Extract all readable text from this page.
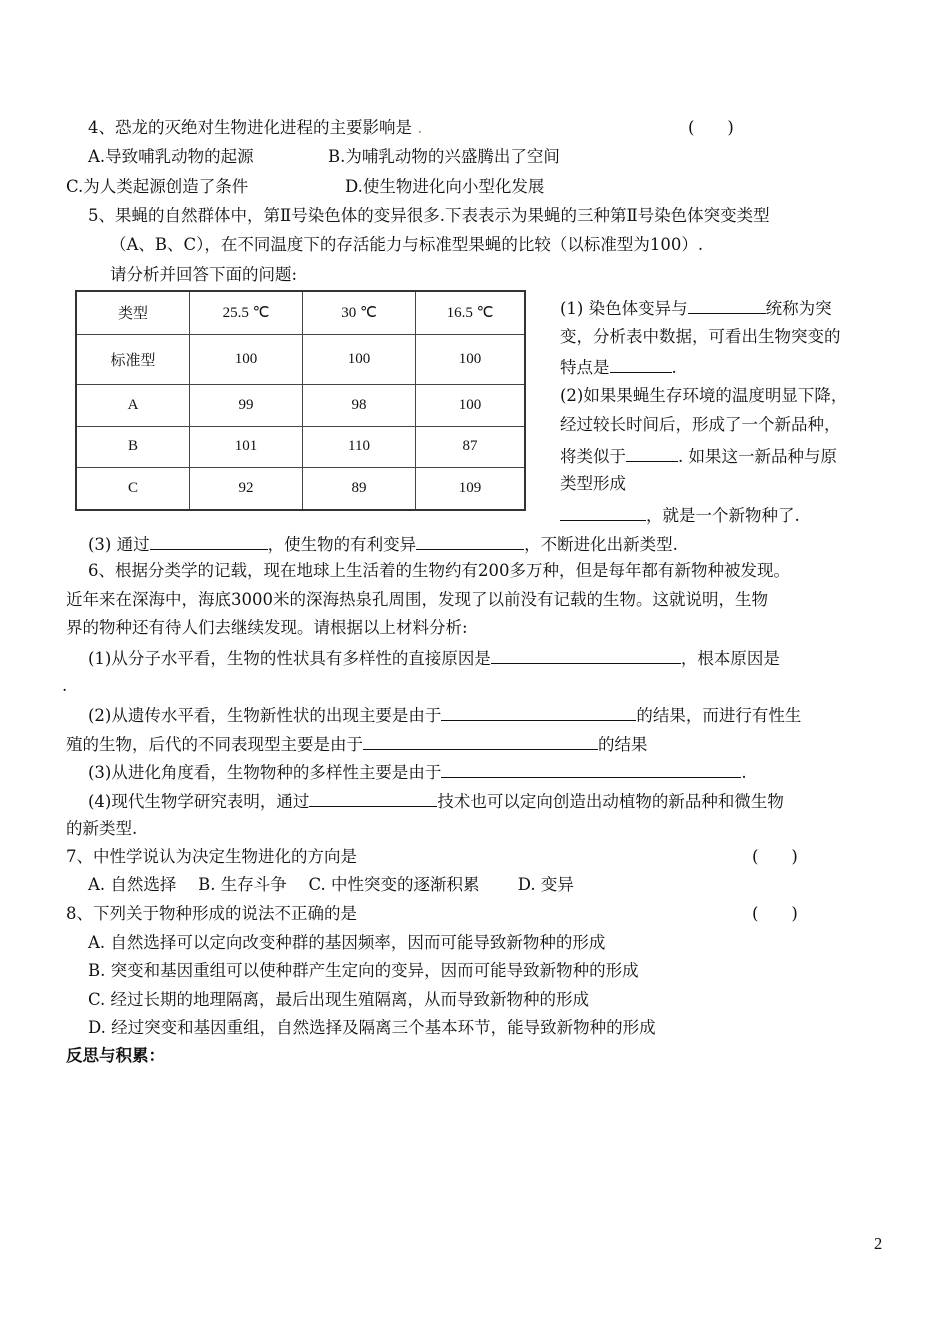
4、恐龙的灭绝对生物进化进程的主要影响是 .	(　　)
A.导致哺乳动物的起源	B.为哺乳动物的兴盛腾出了空间
C.为人类起源创造了条件	D.使生物进化向小型化发展
5、果蝇的自然群体中，第Ⅱ号染色体的变异很多.下表表示为果蝇的三种第Ⅱ号染色体突变类型
（A、B、C），在不同温度下的存活能力与标准型果蝇的比较（以标准型为100）.
请分析并回答下面的问题:
类型	25.5 ℃	30 ℃	16.5 ℃
标准型	100	100	100
A	99	98	100
B	101	110	87
C	92	89	109
(1) 染色体变异与	统称为突
变，分析表中数据，可看出生物突变的
特点是	.
(2)如果果蝇生存环境的温度明显下降，
经过较长时间后，形成了一个新品种，
将类似于	. 如果这一新品种与原
类型形成
，就是一个新物种了.
(3) 通过	，使生物的有利变异	，不断进化出新类型.
6、根据分类学的记载，现在地球上生活着的生物约有200多万种，但是每年都有新物种被发现。
近年来在深海中，海底3000米的深海热泉孔周围，发现了以前没有记载的生物。这就说明，生物
界的物种还有待人们去继续发现。请根据以上材料分析:
(1)从分子水平看，生物的性状具有多样性的直接原因是	，根本原因是
.
(2)从遗传水平看，生物新性状的出现主要是由于	的结果，而进行有性生
殖的生物，后代的不同表现型主要是由于	的结果
(3)从进化角度看，生物物种的多样性主要是由于	.
(4)现代生物学研究表明，通过	技术也可以定向创造出动植物的新品种和微生物
的新类型.
7、中性学说认为决定生物进化的方向是	(　　)
A. 自然选择　 B. 生存斗争　 C. 中性突变的逐渐积累　　 D. 变异
8、下列关于物种形成的说法不正确的是	(　　)
A. 自然选择可以定向改变种群的基因频率，因而可能导致新物种的形成
B. 突变和基因重组可以使种群产生定向的变异，因而可能导致新物种的形成
C. 经过长期的地理隔离，最后出现生殖隔离，从而导致新物种的形成
D. 经过突变和基因重组，自然选择及隔离三个基本环节，能导致新物种的形成
反思与积累：
2
